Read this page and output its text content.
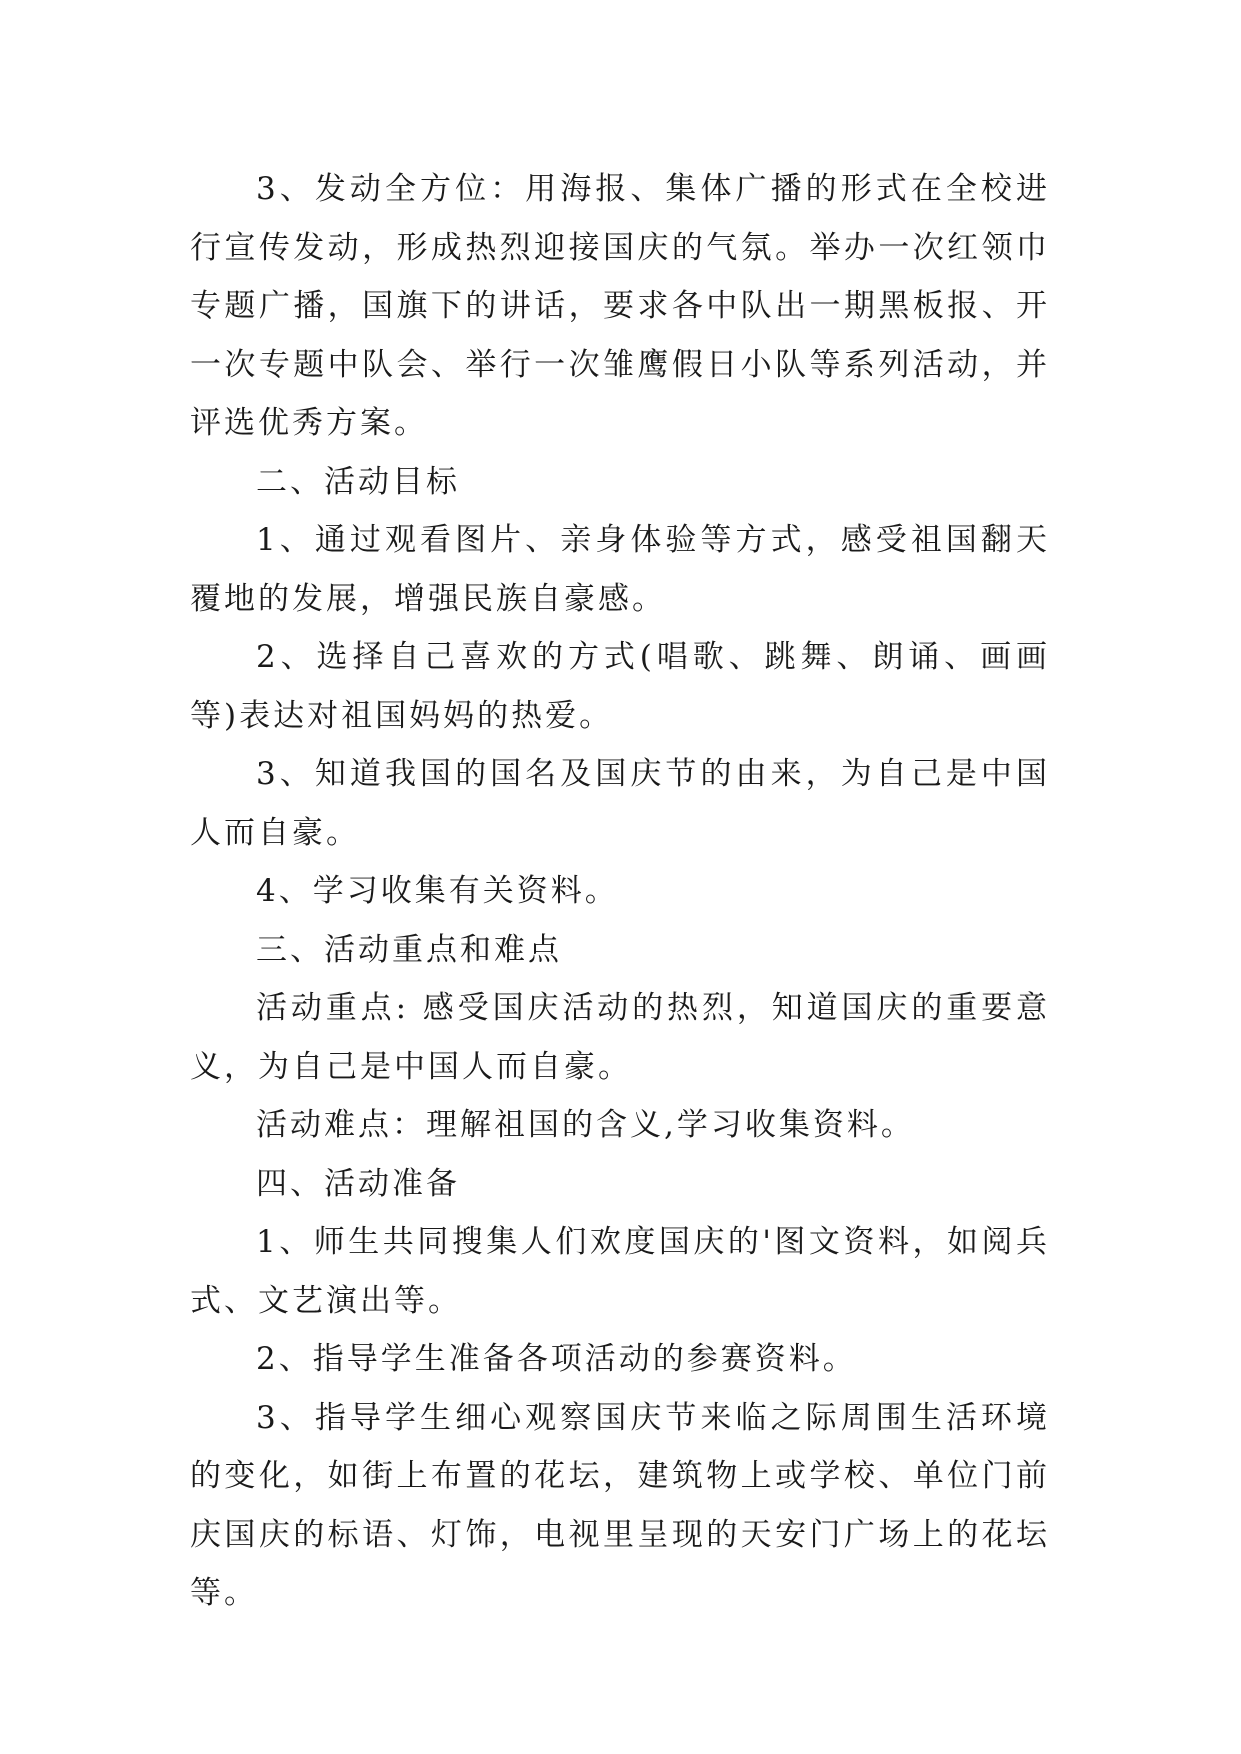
3、发动全方位：用海报、集体广播的形式在全校进行宣传发动，形成热烈迎接国庆的气氛。举办一次红领巾专题广播，国旗下的讲话，要求各中队出一期黑板报、开一次专题中队会、举行一次雏鹰假日小队等系列活动，并评选优秀方案。

二、活动目标

1、通过观看图片、亲身体验等方式，感受祖国翻天覆地的发展，增强民族自豪感。

2、选择自己喜欢的方式(唱歌、跳舞、朗诵、画画等)表达对祖国妈妈的热爱。

3、知道我国的国名及国庆节的由来，为自己是中国人而自豪。

4、学习收集有关资料。

三、活动重点和难点

活动重点: 感受国庆活动的热烈，知道国庆的重要意义，为自己是中国人而自豪。

活动难点：理解祖国的含义,学习收集资料。

四、活动准备

1、师生共同搜集人们欢度国庆的'图文资料，如阅兵式、文艺演出等。

2、指导学生准备各项活动的参赛资料。

3、指导学生细心观察国庆节来临之际周围生活环境的变化，如街上布置的花坛，建筑物上或学校、单位门前庆国庆的标语、灯饰，电视里呈现的天安门广场上的花坛等。
